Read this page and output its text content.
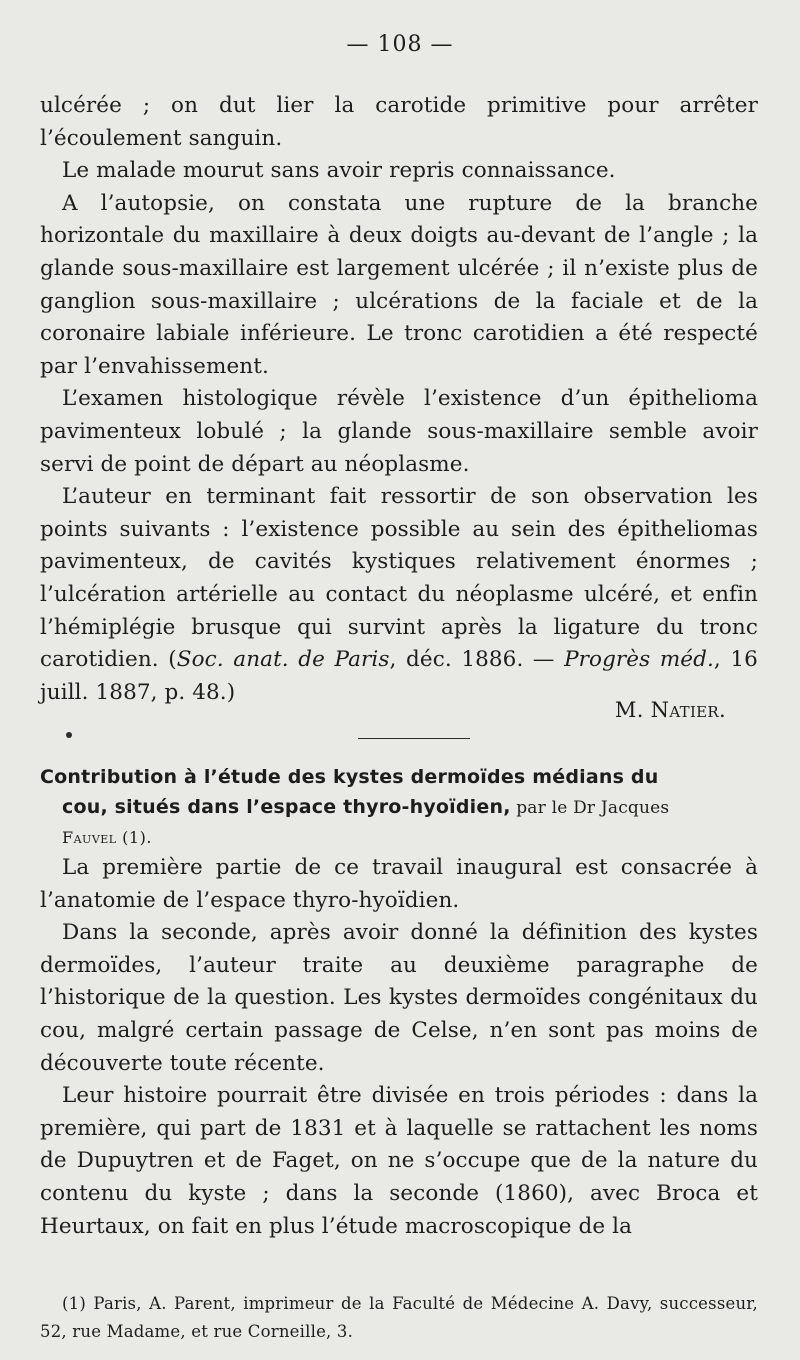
— 108 —

ulcérée ; on dut lier la carotide primitive pour arrêter l’écoulement sanguin.

Le malade mourut sans avoir repris connaissance.

A l’autopsie, on constata une rupture de la branche horizontale du maxillaire à deux doigts au-devant de l’angle ; la glande sous-maxillaire est largement ulcérée ; il n’existe plus de ganglion sous-maxillaire ; ulcérations de la faciale et de la coronaire labiale inférieure. Le tronc carotidien a été respecté par l’envahissement.

L’examen histologique révèle l’existence d’un épithelioma pavimenteux lobulé ; la glande sous-maxillaire semble avoir servi de point de départ au néoplasme.

L’auteur en terminant fait ressortir de son observation les points suivants : l’existence possible au sein des épitheliomas pavimenteux, de cavités kystiques relativement énormes ; l’ulcération artérielle au contact du néoplasme ulcéré, et enfin l’hémiplégie brusque qui survint après la ligature du tronc carotidien. (Soc. anat. de Paris, déc. 1886. — Progrès méd., 16 juill. 1887, p. 48.)

M. Natier.
Contribution à l’étude des kystes dermoïdes médians du
cou, situés dans l’espace thyro-hyoïdien, par le Dr Jacques
Fauvel (1).

La première partie de ce travail inaugural est consacrée à l’anatomie de l’espace thyro-hyoïdien.

Dans la seconde, après avoir donné la définition des kystes dermoïdes, l’auteur traite au deuxième paragraphe de l’historique de la question. Les kystes dermoïdes congénitaux du cou, malgré certain passage de Celse, n’en sont pas moins de découverte toute récente.

Leur histoire pourrait être divisée en trois périodes : dans la première, qui part de 1831 et à laquelle se rattachent les noms de Dupuytren et de Faget, on ne s’occupe que de la nature du contenu du kyste ; dans la seconde (1860), avec Broca et Heurtaux, on fait en plus l’étude macroscopique de la

(1) Paris, A. Parent, imprimeur de la Faculté de Médecine A. Davy, successeur, 52, rue Madame, et rue Corneille, 3.
